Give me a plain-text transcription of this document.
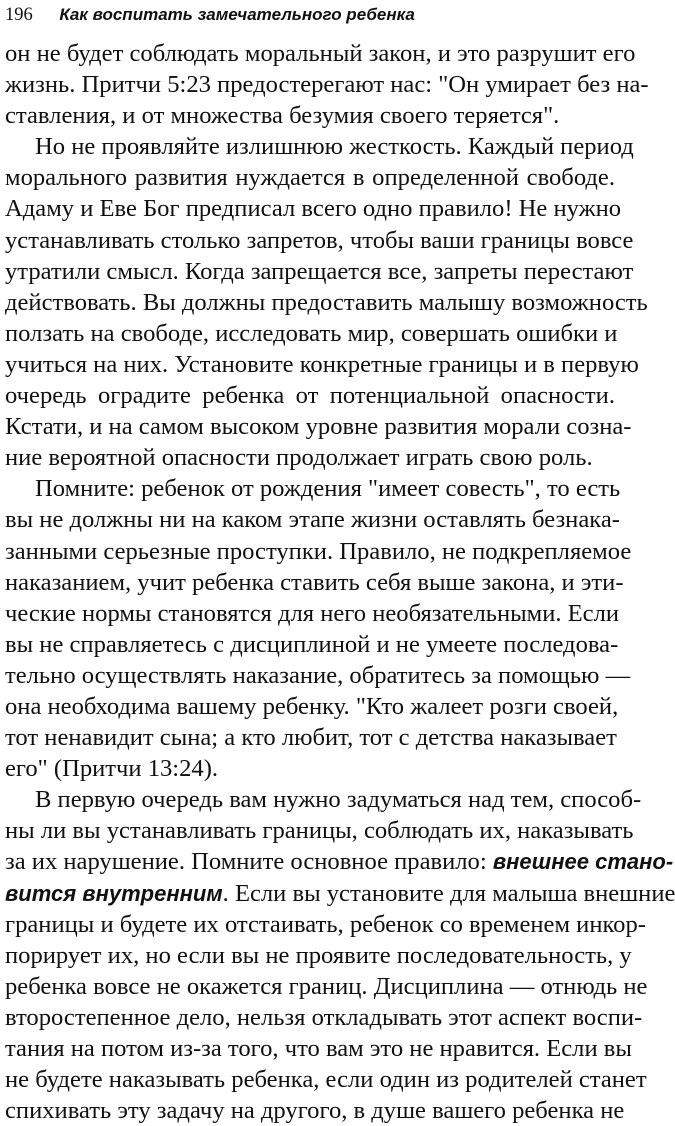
196 Как воспитать замечательного ребенка
он не будет соблюдать моральный закон, и это разрушит его
жизнь. Притчи 5:23 предостерегают нас: "Он умирает без на-
ставления, и от множества безумия своего теряется".
Но не проявляйте излишнюю жесткость. Каждый период
морального развития нуждается в определенной свободе.
Адаму и Еве Бог предписал всего одно правило! Не нужно
устанавливать столько запретов, чтобы ваши границы вовсе
утратили смысл. Когда запрещается все, запреты перестают
действовать. Вы должны предоставить малышу возможность
ползать на свободе, исследовать мир, совершать ошибки и
учиться на них. Установите конкретные границы и в первую
очередь оградите ребенка от потенциальной опасности.
Кстати, и на самом высоком уровне развития морали созна-
ние вероятной опасности продолжает играть свою роль.
Помните: ребенок от рождения "имеет совесть", то есть
вы не должны ни на каком этапе жизни оставлять безнака-
занными серьезные проступки. Правило, не подкрепляемое
наказанием, учит ребенка ставить себя выше закона, и эти-
ческие нормы становятся для него необязательными. Если
вы не справляетесь с дисциплиной и не умеете последова-
тельно осуществлять наказание, обратитесь за помощью —
она необходима вашему ребенку. "Кто жалеет розги своей,
тот ненавидит сына; а кто любит, тот с детства наказывает
его" (Притчи 13:24).
В первую очередь вам нужно задуматься над тем, способ-
ны ли вы устанавливать границы, соблюдать их, наказывать
за их нарушение. Помните основное правило: внешнее стано-
вится внутренним. Если вы установите для малыша внешние
границы и будете их отстаивать, ребенок со временем инкор-
порирует их, но если вы не проявите последовательность, у
ребенка вовсе не окажется границ. Дисциплина — отнюдь не
второстепенное дело, нельзя откладывать этот аспект воспи-
тания на потом из-за того, что вам это не нравится. Если вы
не будете наказывать ребенка, если один из родителей станет
спихивать эту задачу на другого, в душе вашего ребенка не
